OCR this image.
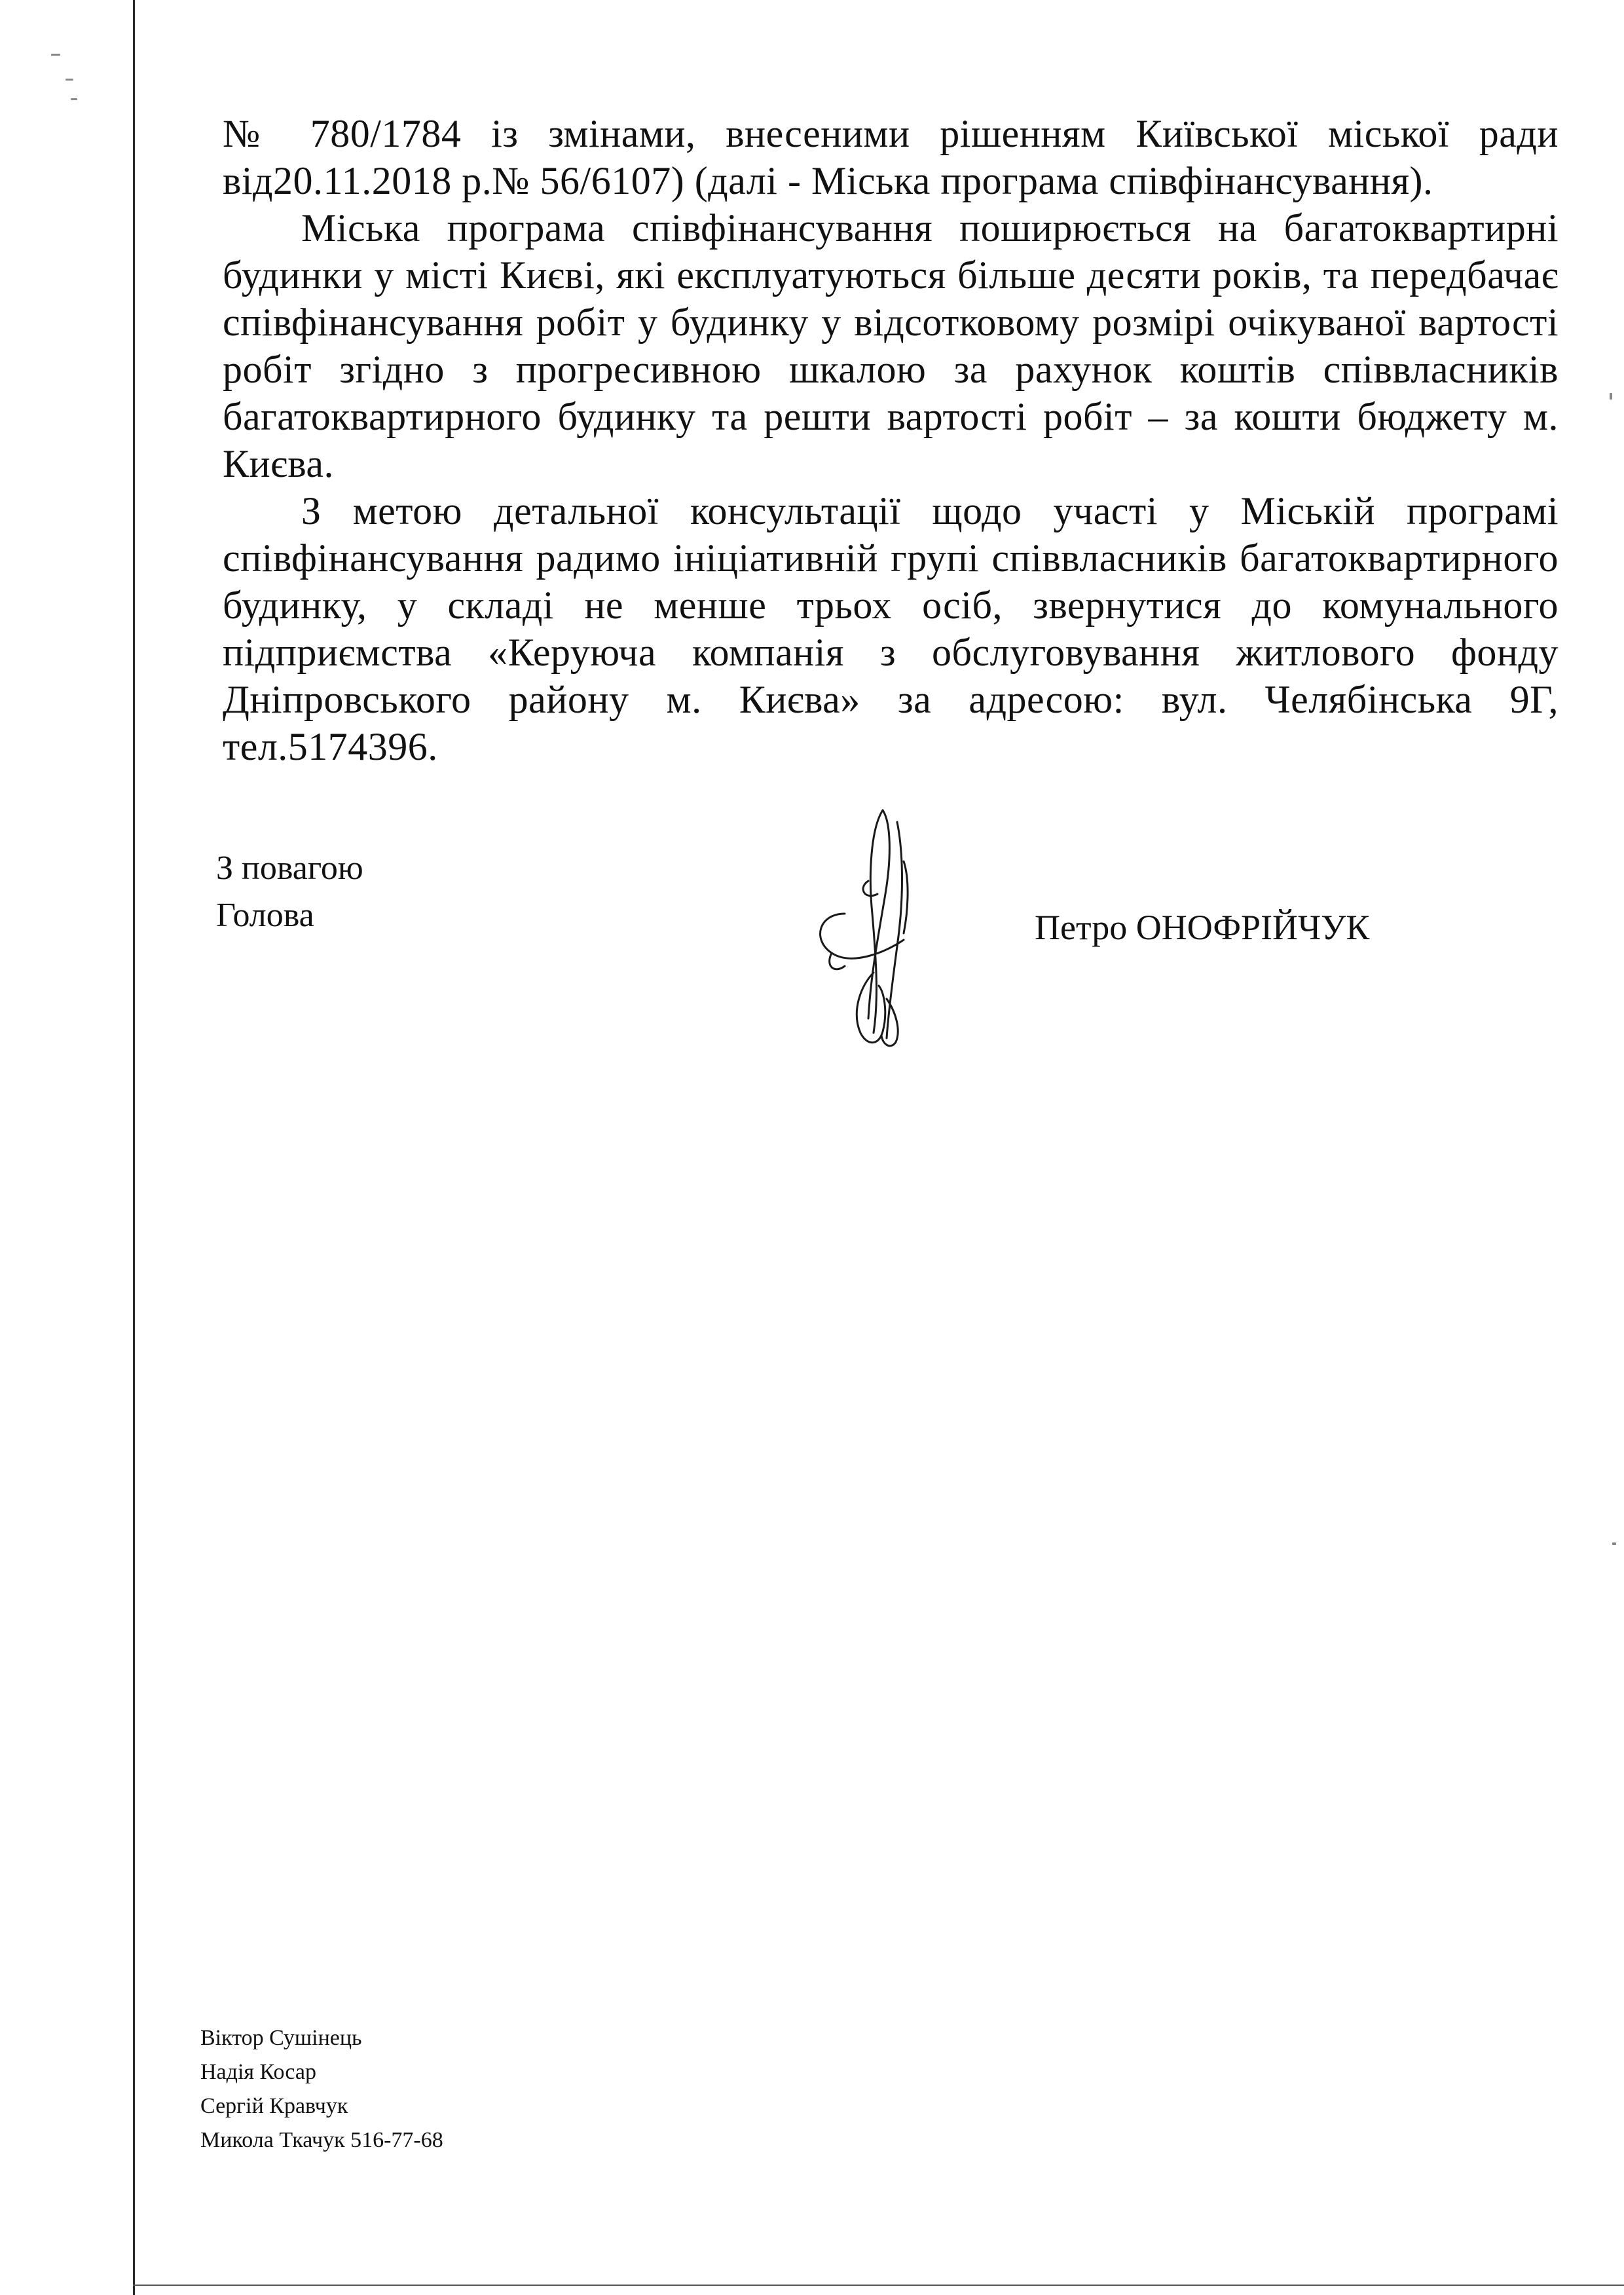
№ 780/1784 із змінами, внесеними рішенням Київської міської ради від20.11.2018 р.№ 56/6107) (далі - Міська програма співфінансування).

Міська програма співфінансування поширюється на багатоквартирні будинки у місті Києві, які експлуатуються більше десяти років, та передбачає співфінансування робіт у будинку у відсотковому розмірі очікуваної вартості робіт згідно з прогресивною шкалою за рахунок коштів співвласників багатоквартирного будинку та решти вартості робіт – за кошти бюджету м. Києва.

З метою детальної консультації щодо участі у Міській програмі співфінансування радимо ініціативній групі співвласників багатоквартирного будинку, у складі не менше трьох осіб, звернутися до комунального підприємства «Керуюча компанія з обслуговування житлового фонду Дніпровського району м. Києва» за адресою: вул. Челябінська 9Г, тел.5174396.

З повагою
Голова	Петро ОНОФРІЙЧУК
Віктор Сушінець
Надія Косар
Сергій Кравчук
Микола Ткачук 516-77-68
